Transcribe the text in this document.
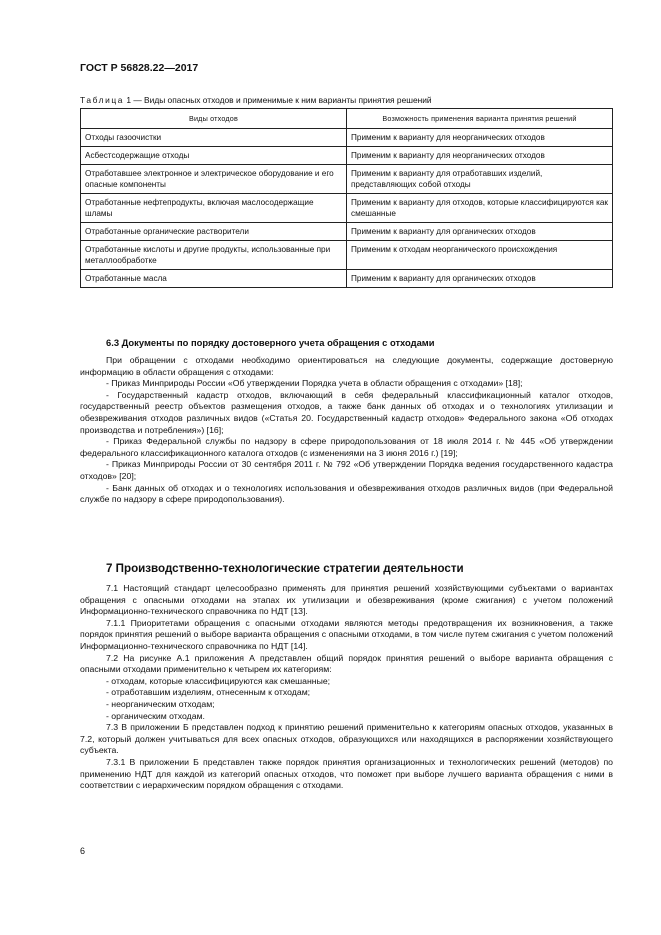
ГОСТ Р 56828.22—2017
Таблица 1 — Виды опасных отходов и применимые к ним варианты принятия решений
Виды отходов	Возможность применения варианта принятия решений
Отходы газоочистки	Применим к варианту для неорганических отходов
Асбестсодержащие отходы	Применим к варианту для неорганических отходов
Отработавшее электронное и электрическое оборудование и его опасные компоненты	Применим к варианту для отработавших изделий, представляющих собой отходы
Отработанные нефтепродукты, включая маслосодержащие шламы	Применим к варианту для отходов, которые классифицируются как смешанные
Отработанные органические растворители	Применим к варианту для органических отходов
Отработанные кислоты и другие продукты, использованные при металлообработке	Применим к отходам неорганического происхождения
Отработанные масла	Применим к варианту для органических отходов
6.3 Документы по порядку достоверного учета обращения с отходами

При обращении с отходами необходимо ориентироваться на следующие документы, содержащие достоверную информацию в области обращения с отходами:

- Приказ Минприроды России «Об утверждении Порядка учета в области обращения с отходами» [18];

- Государственный кадастр отходов, включающий в себя федеральный классификационный каталог отходов, государственный реестр объектов размещения отходов, а также банк данных об отходах и о технологиях утилизации и обезвреживания отходов различных видов («Статья 20. Государственный кадастр отходов» Федерального закона «Об отходах производства и потребления») [16];

- Приказ Федеральной службы по надзору в сфере природопользования от 18 июля 2014 г. № 445 «Об утверждении федерального классификационного каталога отходов (с изменениями на 3 июня 2016 г.) [19];

- Приказ Минприроды России от 30 сентября 2011 г. № 792 «Об утверждении Порядка ведения государственного кадастра отходов» [20];

- Банк данных об отходах и о технологиях использования и обезвреживания отходов различных видов (при Федеральной службе по надзору в сфере природопользования).

7 Производственно-технологические стратегии деятельности

7.1 Настоящий стандарт целесообразно применять для принятия решений хозяйствующими субъектами о вариантах обращения с опасными отходами на этапах их утилизации и обезвреживания (кроме сжигания) с учетом положений Информационно-технического справочника по НДТ [13].

7.1.1 Приоритетами обращения с опасными отходами являются методы предотвращения их возникновения, а также порядок принятия решений о выборе варианта обращения с опасными отходами, в том числе путем сжигания с учетом положений Информационно-технического справочника по НДТ [14].

7.2 На рисунке А.1 приложения А представлен общий порядок принятия решений о выборе варианта обращения с опасными отходами применительно к четырем их категориям:

- отходам, которые классифицируются как смешанные;

- отработавшим изделиям, отнесенным к отходам;

- неорганическим отходам;

- органическим отходам.

7.3 В приложении Б представлен подход к принятию решений применительно к категориям опасных отходов, указанных в 7.2, который должен учитываться для всех опасных отходов, образующихся или находящихся в распоряжении хозяйствующего субъекта.

7.3.1 В приложении Б представлен также порядок принятия организационных и технологических решений (методов) по применению НДТ для каждой из категорий опасных отходов, что поможет при выборе лучшего варианта обращения с ними в соответствии с иерархическим порядком обращения с отходами.

6
